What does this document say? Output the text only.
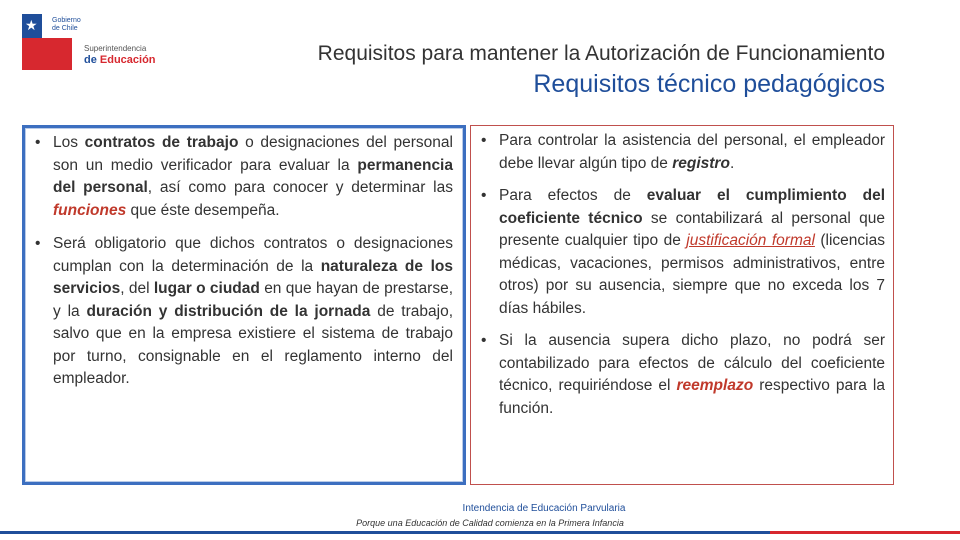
★ Gobierno
de Chile
Superintendencia
de Educación	Requisitos para mantener la Autorización de Funcionamiento
Requisitos técnico pedagógicos
• Los contratos de trabajo o designaciones del personal son un medio verificador para evaluar la permanencia del personal, así como para conocer y determinar las funciones que éste desempeña.
• Será obligatorio que dichos contratos o designaciones cumplan con la determinación de la naturaleza de los servicios, del lugar o ciudad en que hayan de prestarse, y la duración y distribución de la jornada de trabajo, salvo que en la empresa existiere el sistema de trabajo por turno, consignable en el reglamento interno del empleador.
• Para controlar la asistencia del personal, el empleador debe llevar algún tipo de registro.
• Para efectos de evaluar el cumplimiento del coeficiente técnico se contabilizará al personal que presente cualquier tipo de justificación formal (licencias médicas, vacaciones, permisos administrativos, entre otros) por su ausencia, siempre que no exceda los 7 días hábiles.
• Si la ausencia supera dicho plazo, no podrá ser contabilizado para efectos de cálculo del coeficiente técnico, requiriéndose el reemplazo respectivo para la función.
Intendencia de Educación Parvularia
Porque una Educación de Calidad comienza en la Primera Infancia
